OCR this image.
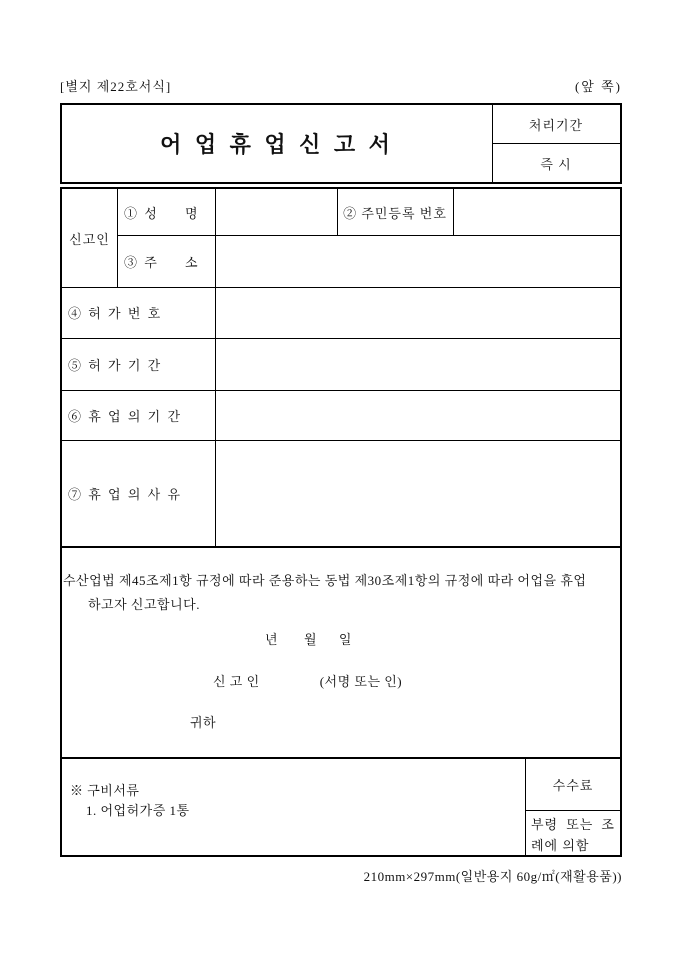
[별지 제22호서식]	(앞 쪽)
어 업 휴 업 신 고 서
처리기간
즉 시
신고인
① 성     명	② 주민등록 번호
③ 주     소
④ 허 가 번 호
⑤ 허 가 기 간
⑥ 휴 업 의 기 간
⑦ 휴 업 의 사 유
수산업법 제45조제1항 규정에 따라 준용하는 동법 제30조제1항의 규정에 따라 어업을 휴업
하고자 신고합니다.
년      월     일
신 고 인	(서명 또는 인)
귀하
※ 구비서류
1. 어업허가증 1통
수수료
부령 또는 조례에 의함
210mm×297mm(일반용지 60g/㎡(재활용품))
